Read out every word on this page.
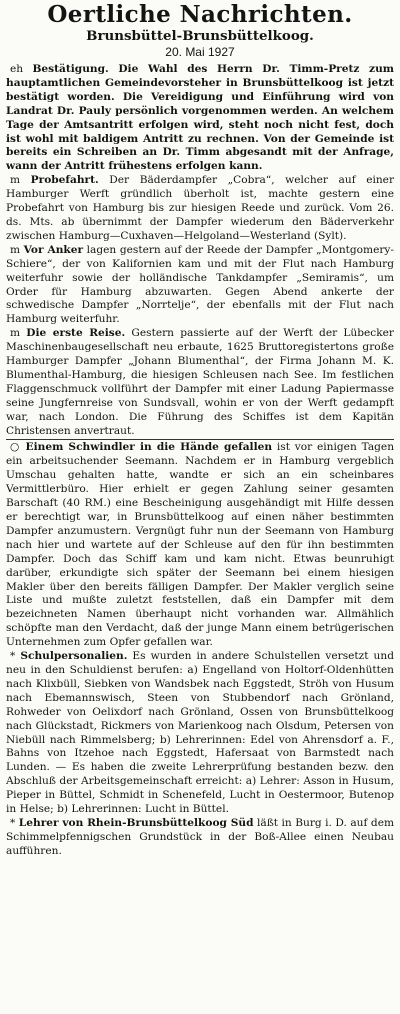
Oertliche Nachrichten.
Brunsbüttel-Brunsbüttelkoog.
20. Mai 1927

eh Bestätigung. Die Wahl des Herrn Dr. Timm-Pretz zum hauptamtlichen Gemeindevorsteher in Brunsbüttelkoog ist jetzt bestätigt worden. Die Vereidigung und Einführung wird von Landrat Dr. Pauly persönlich vorgenommen werden. An welchem Tage der Amtsantritt erfolgen wird, steht noch nicht fest, doch ist wohl mit baldigem Antritt zu rechnen. Von der Gemeinde ist bereits ein Schreiben an Dr. Timm abgesandt mit der Anfrage, wann der Antritt frühestens erfolgen kann.

m Probefahrt. Der Bäderdampfer „Cobra“, welcher auf einer Hamburger Werft gründlich überholt ist, machte gestern eine Probefahrt von Hamburg bis zur hiesigen Reede und zurück. Vom 26. ds. Mts. ab übernimmt der Dampfer wiederum den Bäderverkehr zwischen Hamburg—Cuxhaven—Helgoland—Westerland (Sylt).

m Vor Anker lagen gestern auf der Reede der Dampfer „Montgomery-Schiere“, der von Kalifornien kam und mit der Flut nach Hamburg weiterfuhr sowie der holländische Tankdampfer „Semiramis“, um Order für Hamburg abzuwarten. Gegen Abend ankerte der schwedische Dampfer „Norrtelje“, der ebenfalls mit der Flut nach Hamburg weiterfuhr.

m Die erste Reise. Gestern passierte auf der Werft der Lübecker Maschinenbaugesellschaft neu erbaute, 1625 Bruttoregistertons große Hamburger Dampfer „Johann Blumenthal“, der Firma Johann M. K. Blumenthal-Hamburg, die hiesigen Schleusen nach See. Im festlichen Flaggenschmuck vollführt der Dampfer mit einer Ladung Papiermasse seine Jungfernreise von Sundsvall, wohin er von der Werft gedampft war, nach London. Die Führung des Schiffes ist dem Kapitän Christensen anvertraut.

○ Einem Schwindler in die Hände gefallen ist vor einigen Tagen ein arbeitsuchender Seemann. Nachdem er in Hamburg vergeblich Umschau gehalten hatte, wandte er sich an ein scheinbares Vermittlerbüro. Hier erhielt er gegen Zahlung seiner gesamten Barschaft (40 RM.) eine Bescheinigung ausgehändigt mit Hilfe dessen er berechtigt war, in Brunsbüttelkoog auf einen näher bestimmten Dampfer anzumustern. Vergnügt fuhr nun der Seemann von Hamburg nach hier und wartete auf der Schleuse auf den für ihn bestimmten Dampfer. Doch das Schiff kam und kam nicht. Etwas beunruhigt darüber, erkundigte sich später der Seemann bei einem hiesigen Makler über den bereits fälligen Dampfer. Der Makler verglich seine Liste und mußte zuletzt feststellen, daß ein Dampfer mit dem bezeichneten Namen überhaupt nicht vorhanden war. Allmählich schöpfte man den Verdacht, daß der junge Mann einem betrügerischen Unternehmen zum Opfer gefallen war.

* Schulpersonalien. Es wurden in andere Schulstellen versetzt und neu in den Schuldienst berufen: a) Engelland von Holtorf-Oldenhütten nach Klixbüll, Siebken von Wandsbek nach Eggstedt, Ströh von Husum nach Ebemannswisch, Steen von Stubbendorf nach Grönland, Rohweder von Oelixdorf nach Grönland, Ossen von Brunsbüttelkoog nach Glückstadt, Rickmers von Marienkoog nach Olsdum, Petersen von Niebüll nach Rimmelsberg; b) Lehrerinnen: Edel von Ahrensdorf a. F., Bahns von Itzehoe nach Eggstedt, Hafersaat von Barmstedt nach Lunden. — Es haben die zweite Lehrerprüfung bestanden bezw. den Abschluß der Arbeitsgemeinschaft erreicht: a) Lehrer: Asson in Husum, Pieper in Büttel, Schmidt in Schenefeld, Lucht in Oestermoor, Butenop in Helse; b) Lehrerinnen: Lucht in Büttel.

* Lehrer von Rhein-Brunsbüttelkoog Süd läßt in Burg i. D. auf dem Schimmelpfennigschen Grundstück in der Boß-Allee einen Neubau aufführen.
